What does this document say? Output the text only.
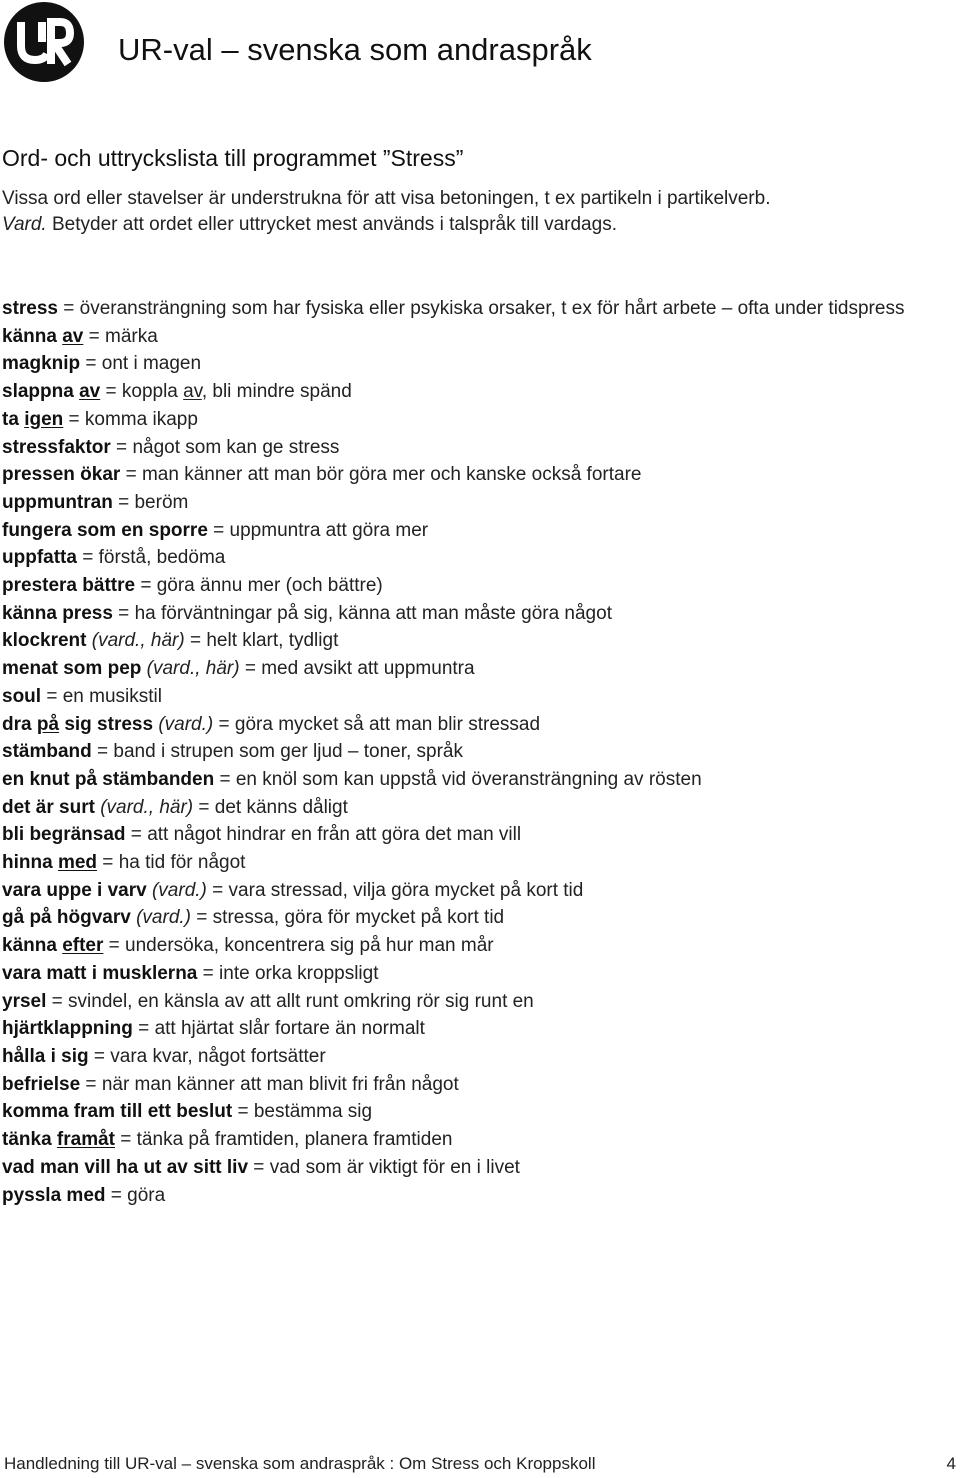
UR-val – svenska som andraspråk
Ord- och uttryckslista till programmet ”Stress”

Vissa ord eller stavelser är understrukna för att visa betoningen, t ex partikeln i partikelverb.

Vard. Betyder att ordet eller uttrycket mest används i talspråk till vardags.

stress = överansträngning som har fysiska eller psykiska orsaker, t ex för hårt arbete – ofta under tidspress
känna av = märka
magknip = ont i magen
slappna av = koppla av, bli mindre spänd
ta igen = komma ikapp
stressfaktor = något som kan ge stress
pressen ökar = man känner att man bör göra mer och kanske också fortare
uppmuntran = beröm
fungera som en sporre = uppmuntra att göra mer
uppfatta = förstå, bedöma
prestera bättre = göra ännu mer (och bättre)
känna press = ha förväntningar på sig, känna att man måste göra något
klockrent (vard., här) = helt klart, tydligt
menat som pep (vard., här) = med avsikt att uppmuntra
soul = en musikstil
dra på sig stress (vard.) = göra mycket så att man blir stressad
stämband = band i strupen som ger ljud – toner, språk
en knut på stämbanden = en knöl som kan uppstå vid överansträngning av rösten
det är surt (vard., här) = det känns dåligt
bli begränsad = att något hindrar en från att göra det man vill
hinna med = ha tid för något
vara uppe i varv (vard.) = vara stressad, vilja göra mycket på kort tid
gå på högvarv (vard.) = stressa, göra för mycket på kort tid
känna efter = undersöka, koncentrera sig på hur man mår
vara matt i musklerna = inte orka kroppsligt
yrsel = svindel, en känsla av att allt runt omkring rör sig runt en
hjärtklappning = att hjärtat slår fortare än normalt
hålla i sig = vara kvar, något fortsätter
befrielse = när man känner att man blivit fri från något
komma fram till ett beslut = bestämma sig
tänka framåt = tänka på framtiden, planera framtiden
vad man vill ha ut av sitt liv = vad som är viktigt för en i livet
pyssla med = göra
Handledning till UR-val – svenska som andraspråk : Om Stress och Kroppskoll	4
